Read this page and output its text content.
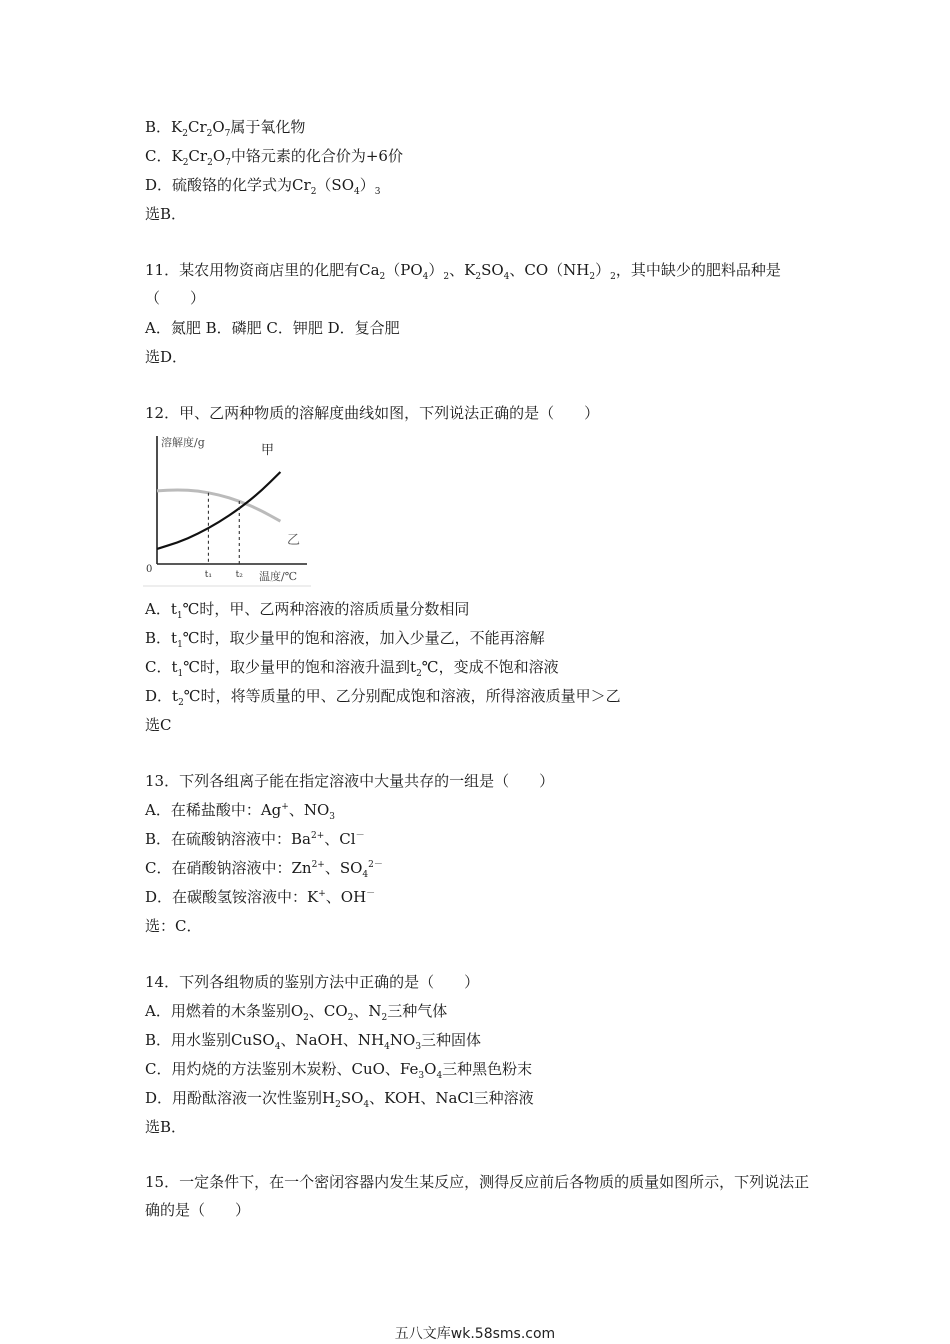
B．$K_2Cr_2O_7$属于氧化物
C．$K_2Cr_2O_7$中铬元素的化合价为+6价
D．硫酸铬的化学式为$Cr_2(SO_4)_3$
选B．
11．某农用物资商店里的化肥有$Ca_2(PO_4)_2$、$K_2SO_4$、$CO(NH_2)_2$，其中缺少的肥料品种是（　　）
A．氮肥 B．磷肥 C．钾肥 D．复合肥
选D．
12．甲、乙两种物质的溶解度曲线如图，下列说法正确的是（　　）
溶解度/g
甲
乙
0	t₁	t₂ 温度/℃
A．$t_1℃$时，甲、乙两种溶液的溶质质量分数相同
B．$t_1℃$时，取少量甲的饱和溶液，加入少量乙，不能再溶解
C．$t_1℃$时，取少量甲的饱和溶液升温到$t_2℃$，变成不饱和溶液
D．$t_2℃$时，将等质量的甲、乙分别配成饱和溶液，所得溶液质量甲＞乙
选C
13．下列各组离子能在指定溶液中大量共存的一组是（　　）
A．在稀盐酸中：Ag+、$NO_3$
B．在硫酸钠溶液中：$Ba^{2+}$、Cl－
C．在硝酸钠溶液中：$Zn^{2+}$、$SO_4^{2-}$
D．在碳酸氢铵溶液中：K+、OH－
选：C．
14．下列各组物质的鉴别方法中正确的是（　　）
A．用燃着的木条鉴别$O_2$、$CO_2$、$N_2$三种气体
B．用水鉴别CuSO$_4$、NaOH、$NH_4NO_3$三种固体
C．用灼烧的方法鉴别木炭粉、CuO、$Fe_3O_4$三种黑色粉末
D．用酚酞溶液一次性鉴别$H_2SO_4$、KOH、NaCl三种溶液
选B．
15．一定条件下，在一个密闭容器内发生某反应，测得反应前后各物质的质量如图所示，下列说法正确的是（　　）
五八文库wk.58sms.com
